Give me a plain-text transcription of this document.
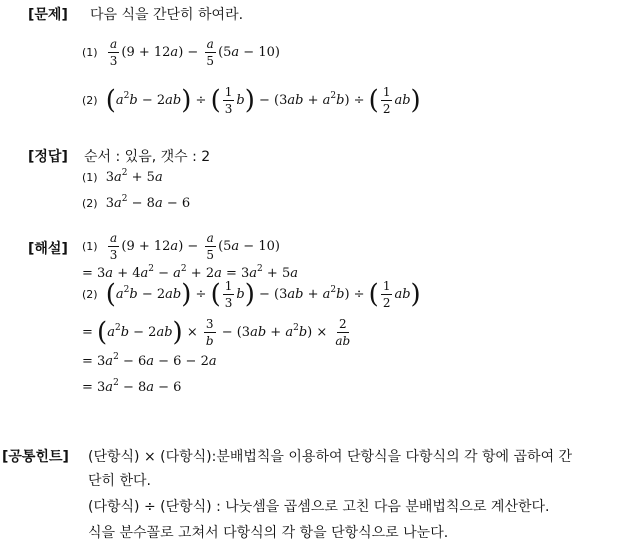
[문제] 다음 식을 간단히 하여라.
$(1) \frac{a}{3} (9 + 12a) - \frac{a}{5} (5a - 10)$
(2) $(a^2b - 2ab)$ ÷ ( $\frac{1}{3} b) - (3ab + a^2b)$ ÷ ( $\frac{1}{2} ab$)
[정답] 순서 : 있음, 갯수 : 2
(1) $3a^2 + 5a$
(2) $3a^2 - 8a - 6$
[해설] $(1) \frac{a}{3} (9 + 12a) - \frac{a}{5} (5a - 10)$
= $3a + 4a^2 - a^2 + 2a = 3a^2 + 5a$
(2) $(a^2b - 2ab)$ ÷ ( $\frac{1}{3} b) - (3ab + a^2b)$ ÷ ( $\frac{1}{2} ab$)
= $(a^2b - 2ab) \times \frac{3}{b} - (3ab + a^2b) \times \frac{2}{ab}$
= $3a^2 - 6a - 6 - 2a$
= $3a^2 - 8a - 6$
[공통힌트] (단항식) × (다항식):분배법칙을 이용하여 단항식을 다항식의 각 항에 곱하여 간
단히 한다.
(다항식) ÷ (단항식) : 나눗셈을 곱셈으로 고친 다음 분배법칙으로 계산한다.
식을 분수꼴로 고쳐서 다항식의 각 항을 단항식으로 나눈다.
